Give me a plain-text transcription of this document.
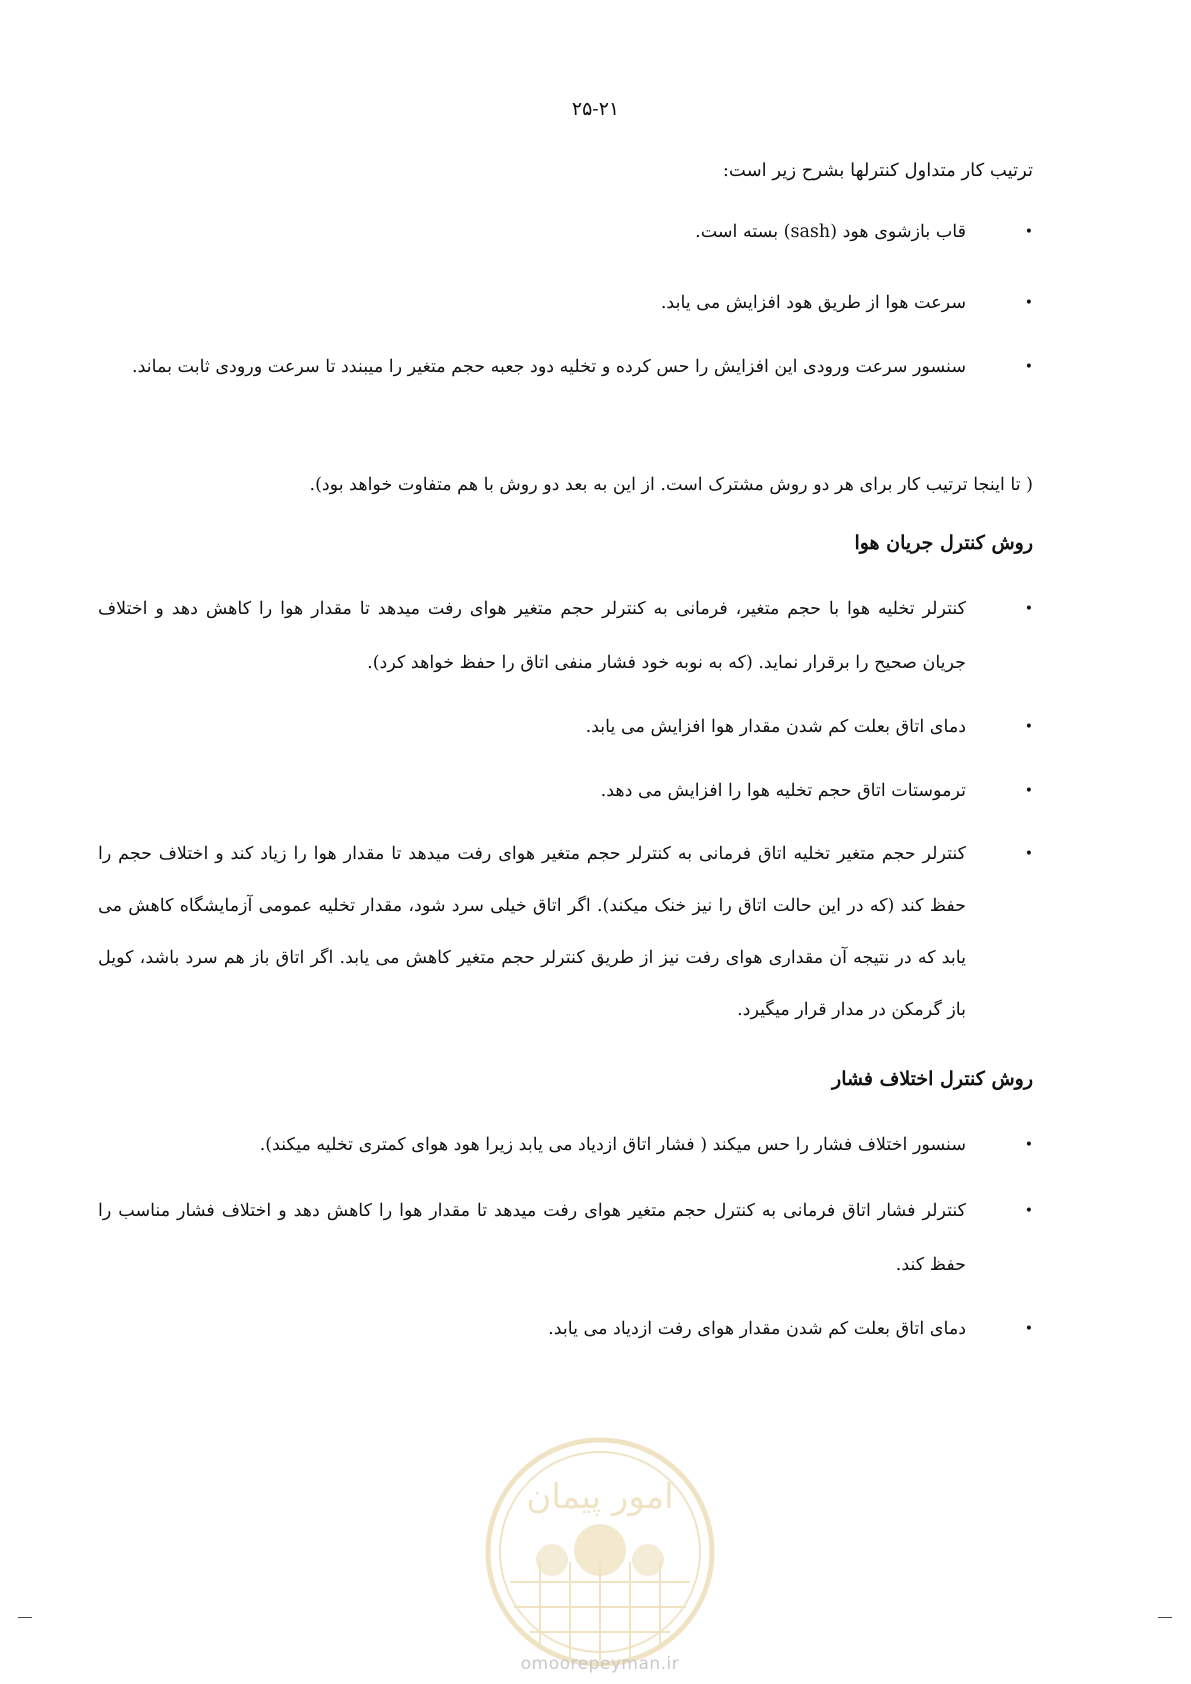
۲۵-۲۱
ترتیب کار متداول کنترلها بشرح زیر است:
• قاب بازشوی هود (sash) بسته است.
• سرعت هوا از طریق هود افزایش می یابد.
• سنسور سرعت ورودی این افزایش را حس کرده و تخلیه دود جعبه حجم متغیر را میبندد تا سرعت ورودی ثابت بماند.
( تا اینجا ترتیب کار برای هر دو روش مشترک است. از این به بعد دو روش با هم متفاوت خواهد بود).
روش کنترل جریان هوا
• کنترلر تخلیه هوا با حجم متغیر، فرمانی به کنترلر حجم متغیر هوای رفت میدهد تا مقدار هوا را کاهش دهد و اختلاف جریان صحیح را برقرار نماید. (که به نوبه خود فشار منفی اتاق را حفظ خواهد کرد).
• دمای اتاق بعلت کم شدن مقدار هوا افزایش می یابد.
• ترموستات اتاق حجم تخلیه هوا را افزایش می دهد.
• کنترلر حجم متغیر تخلیه اتاق فرمانی به کنترلر حجم متغیر هوای رفت میدهد تا مقدار هوا را زیاد کند و اختلاف حجم را حفظ کند (که در این حالت اتاق را نیز خنک میکند). اگر اتاق خیلی سرد شود، مقدار تخلیه عمومی آزمایشگاه کاهش می یابد که در نتیجه آن مقداری هوای رفت نیز از طریق کنترلر حجم متغیر کاهش می یابد. اگر اتاق باز هم سرد باشد، کویل باز گرمکن در مدار قرار میگیرد.
روش کنترل اختلاف فشار
• سنسور اختلاف فشار را حس میکند ( فشار اتاق ازدیاد می یابد زیرا هود هوای کمتری تخلیه میکند).
• کنترلر فشار اتاق فرمانی به کنترل حجم متغیر هوای رفت میدهد تا مقدار هوا را کاهش دهد و اختلاف فشار مناسب را حفظ کند.
• دمای اتاق بعلت کم شدن مقدار هوای رفت ازدیاد می یابد.
امور پیمان
omoorepeyman.ir
